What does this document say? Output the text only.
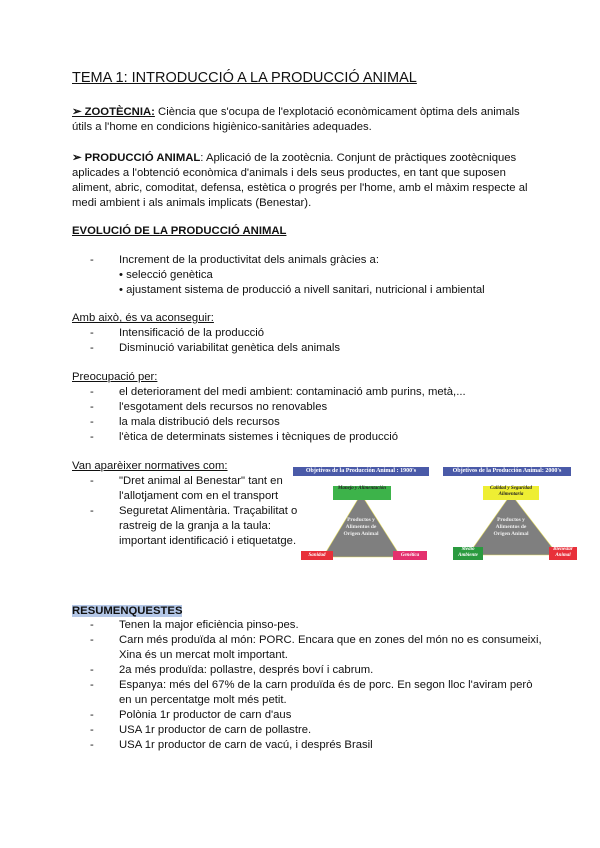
TEMA 1: INTRODUCCIÓ A LA PRODUCCIÓ ANIMAL
➢ ZOOTÈCNIA: Ciència que s'ocupa de l'explotació econòmicament òptima dels animals útils a l'home en condicions higiènico-sanitàries adequades.
➢ PRODUCCIÓ ANIMAL: Aplicació de la zootècnia. Conjunt de pràctiques zootècniques aplicades a l'obtenció econòmica d'animals i dels seus productes, en tant que suposen aliment, abric, comoditat, defensa, estètica o progrés per l'home, amb el màxim respecte al medi ambient i als animals implicats (Benestar).
EVOLUCIÓ DE LA PRODUCCIÓ ANIMAL
- Increment de la productivitat dels animals gràcies a:
• selecció genètica
• ajustament sistema de producció a nivell sanitari, nutricional i ambiental
Amb això, és va aconseguir:
- Intensificació de la producció
- Disminució variabilitat genètica dels animals
Preocupació per:
- el deteriorament del medi ambient: contaminació amb purins, metà,...
- l'esgotament dels recursos no renovables
- la mala distribució dels recursos
- l'ètica de determinats sistemes i tècniques de producció
Van aparèixer normatives com:
- "Dret animal al Benestar" tant en l'allotjament com en el transport
- Seguretat Alimentària. Traçabilitat o rastreig de la granja a la taula: important identificació i etiquetatge.
Objetivos de la Producción Animal : 1900's
Manejo y Alimentación
Productos y Alimentos de Origen Animal
Sanidad	Genética
Objetivos de la Producción Animal: 2000's
Calidad y Seguridad Alimentaria
Productos y Alimentos de Origen Animal
Medio Ambiente
Bienestar Animal
RESUMENQUESTES
- Tenen la major eficiència pinso-pes.
- Carn més produïda al món: PORC. Encara que en zones del món no es consumeixi, Xina és un mercat molt important.
- 2a més produïda: pollastre, després boví i cabrum.
- Espanya: més del 67% de la carn produïda és de porc. En segon lloc l'aviram però en un percentatge molt més petit.
- Polònia 1r productor de carn d'aus
- USA 1r productor de carn de pollastre.
- USA 1r productor de carn de vacú, i després Brasil
